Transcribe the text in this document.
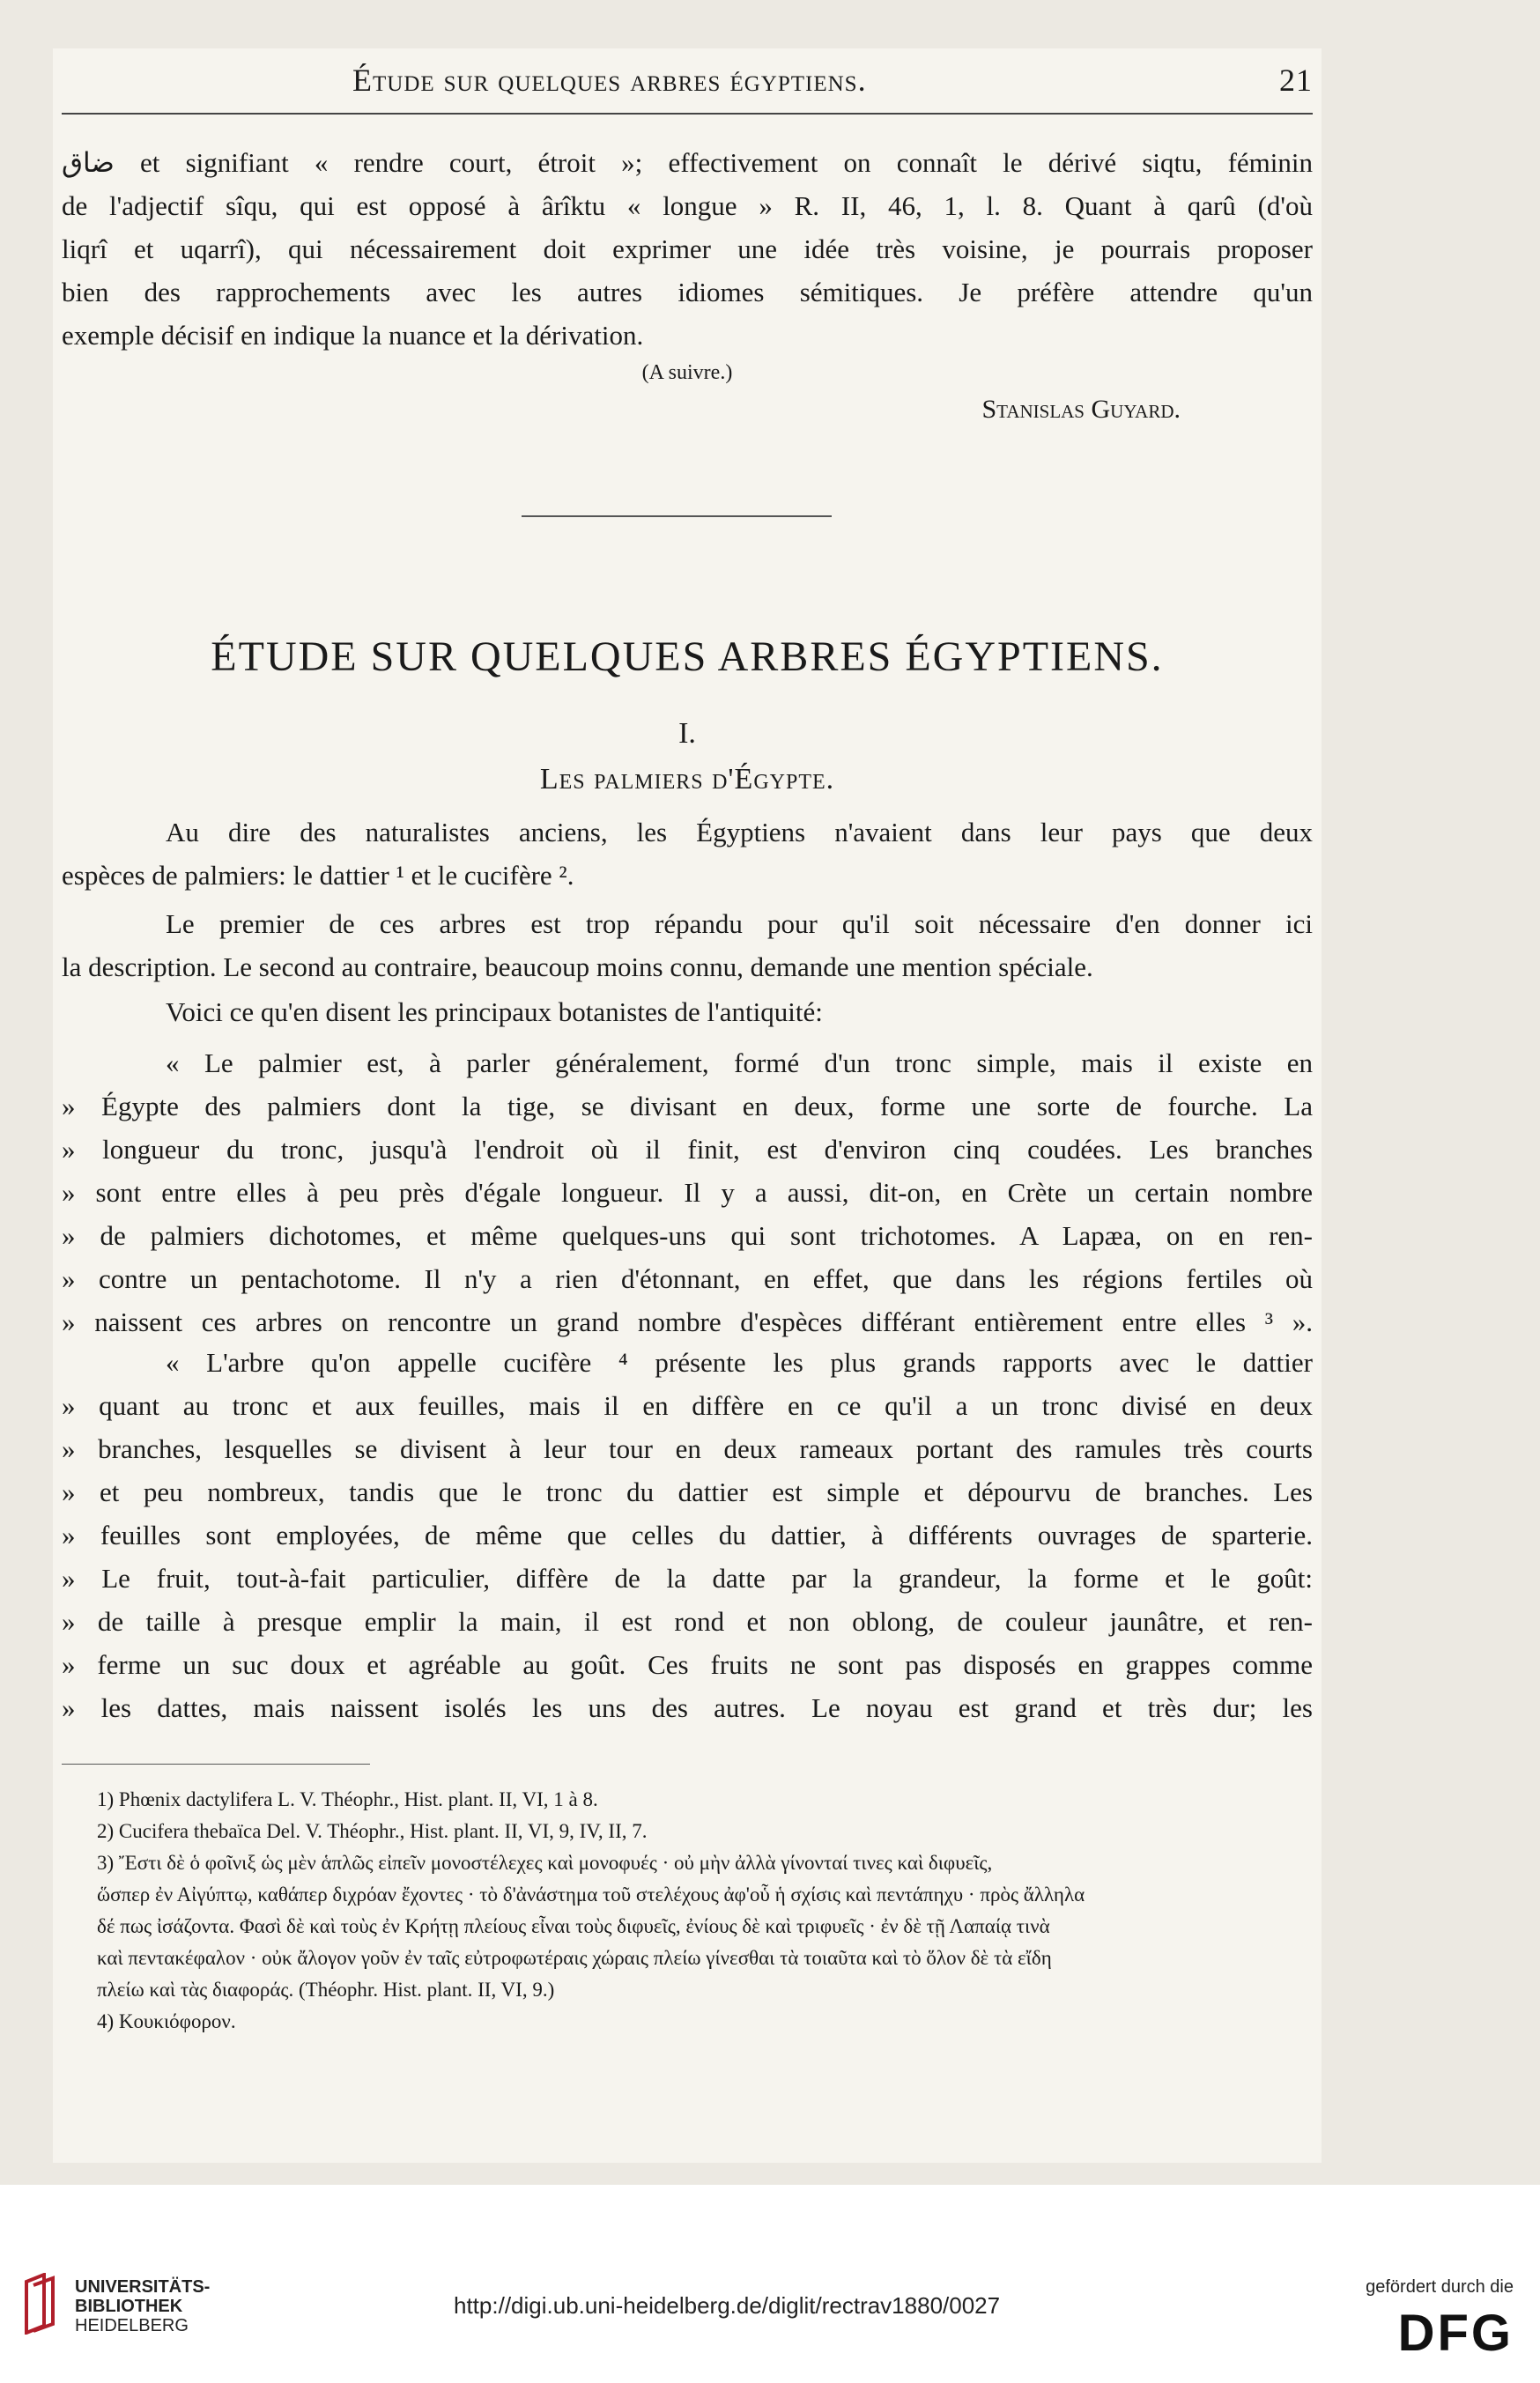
Étude sur quelques arbres égyptiens.	21
ضاق et signifiant « rendre court, étroit »; effectivement on connaît le dérivé siqtu, féminin
de l'adjectif sîqu, qui est opposé à ârîktu « longue » R. II, 46, 1, l. 8. Quant à qarû (d'où
liqrî et uqarrî), qui nécessairement doit exprimer une idée très voisine, je pourrais proposer
bien des rapprochements avec les autres idiomes sémitiques. Je préfère attendre qu'un
exemple décisif en indique la nuance et la dérivation.
(A suivre.)
Stanislas Guyard.
ÉTUDE SUR QUELQUES ARBRES ÉGYPTIENS.
I.
Les palmiers d'Égypte.
Au dire des naturalistes anciens, les Égyptiens n'avaient dans leur pays que deux
espèces de palmiers: le dattier ¹ et le cucifère ².
Le premier de ces arbres est trop répandu pour qu'il soit nécessaire d'en donner ici
la description. Le second au contraire, beaucoup moins connu, demande une mention spéciale.
Voici ce qu'en disent les principaux botanistes de l'antiquité:
« Le palmier est, à parler généralement, formé d'un tronc simple, mais il existe en
» Égypte des palmiers dont la tige, se divisant en deux, forme une sorte de fourche. La
» longueur du tronc, jusqu'à l'endroit où il finit, est d'environ cinq coudées. Les branches
» sont entre elles à peu près d'égale longueur. Il y a aussi, dit-on, en Crète un certain nombre
» de palmiers dichotomes, et même quelques-uns qui sont trichotomes. A Lapæa, on en ren-
» contre un pentachotome. Il n'y a rien d'étonnant, en effet, que dans les régions fertiles où
» naissent ces arbres on rencontre un grand nombre d'espèces différant entièrement entre elles ³ ».
« L'arbre qu'on appelle cucifère ⁴ présente les plus grands rapports avec le dattier
» quant au tronc et aux feuilles, mais il en diffère en ce qu'il a un tronc divisé en deux
» branches, lesquelles se divisent à leur tour en deux rameaux portant des ramules très courts
» et peu nombreux, tandis que le tronc du dattier est simple et dépourvu de branches. Les
» feuilles sont employées, de même que celles du dattier, à différents ouvrages de sparterie.
» Le fruit, tout-à-fait particulier, diffère de la datte par la grandeur, la forme et le goût:
» de taille à presque emplir la main, il est rond et non oblong, de couleur jaunâtre, et ren-
» ferme un suc doux et agréable au goût. Ces fruits ne sont pas disposés en grappes comme
» les dattes, mais naissent isolés les uns des autres. Le noyau est grand et très dur; les
1) Phœnix dactylifera L. V. Théophr., Hist. plant. II, VI, 1 à 8.
2) Cucifera thebaïca Del. V. Théophr., Hist. plant. II, VI, 9, IV, II, 7.
3) Ἔστι δὲ ὁ φοῖνιξ ὡς μὲν ἁπλῶς εἰπεῖν μονοστέλεχες καὶ μονοφυές · οὐ μὴν ἀλλὰ γίνονταί τινες καὶ διφυεῖς,
ὥσπερ ἐν Αἰγύπτῳ, καθάπερ διχρόαν ἔχοντες · τὸ δ'ἀνάστημα τοῦ στελέχους ἀφ'οὗ ἡ σχίσις καὶ πεντάπηχυ · πρὸς ἄλληλα
δέ πως ἰσάζοντα. Φασὶ δὲ καὶ τοὺς ἐν Κρήτῃ πλείους εἶναι τοὺς διφυεῖς, ἐνίους δὲ καὶ τριφυεῖς · ἐν δὲ τῇ Λαπαίᾳ τινὰ
καὶ πεντακέφαλον · οὐκ ἄλογον γοῦν ἐν ταῖς εὐτροφωτέραις χώραις πλείω γίνεσθαι τὰ τοιαῦτα καὶ τὸ ὅλον δὲ τὰ εἴδη
πλείω καὶ τὰς διαφοράς. (Théophr. Hist. plant. II, VI, 9.)
4) Κουκιόφορον.
UNIVERSITÄTS-
BIBLIOTHEK
HEIDELBERG
http://digi.ub.uni-heidelberg.de/diglit/rectrav1880/0027
gefördert durch die
DFG
